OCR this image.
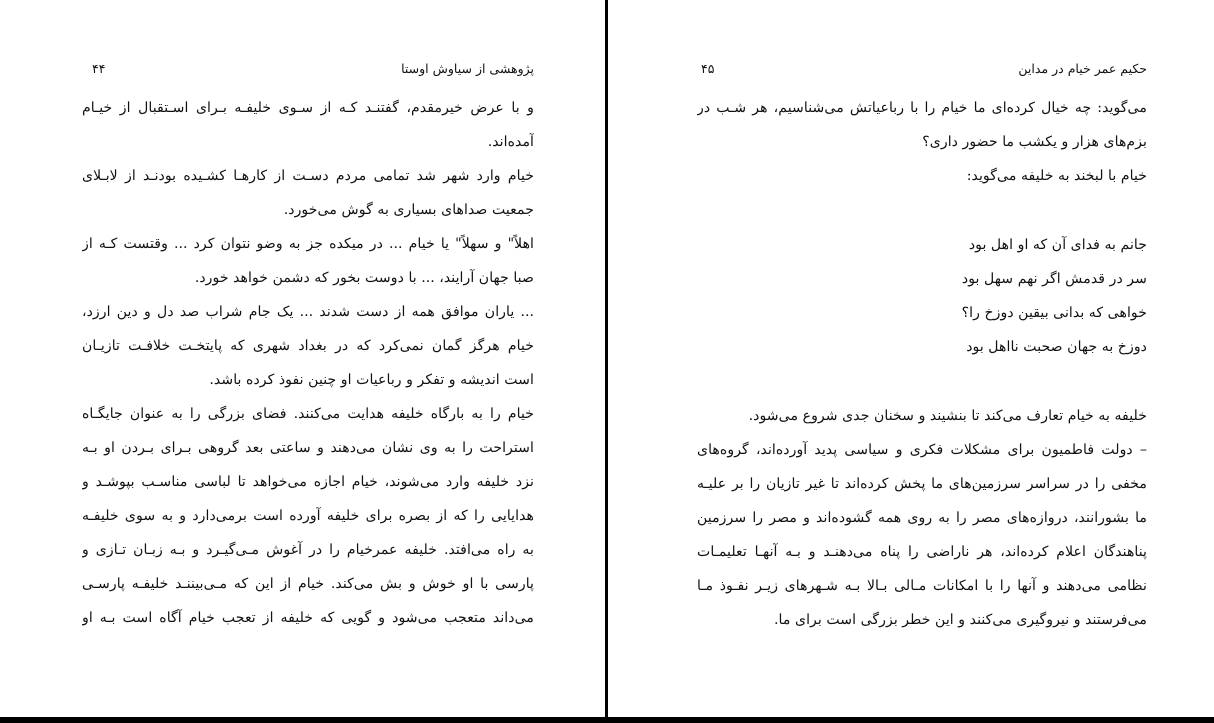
پژوهشی از سیاوش اوستا
۴۴
و با عرض خیرمقدم، گفتنـد کـه از سـوی خلیفـه بـرای اسـتقبال از خیـام
آمده‌اند.
خیام وارد شهر شد تمامی مردم دسـت از کارهـا کشـیده بودنـد از لابـلای
جمعیت صداهای بسیاری به گوش می‌خورد.
اهلاً" و سهلاً" یا خیام ... در میکده جز به وضو نتوان کرد ... وقتست کـه از
صبا جهان آرایند، ... با دوست بخور که دشمن خواهد خورد.
... یاران موافق همه از دست شدند ... یک جام شراب صد دل و دین ارزد،
خیام هرگز گمان نمی‌کرد که در بغداد شهری که پایتخـت خلافـت تازیـان
است اندیشه و تفکر و رباعیات او چنین نفوذ کرده باشد.
خیام را به بارگاه خلیفه هدایت می‌کنند. فضای بزرگی را به عنوان جایگـاه
استراحت را به وی نشان می‌دهند و ساعتی بعد گروهی بـرای بـردن او بـه
نزد خلیفه وارد می‌شوند، خیام اجازه می‌خواهد تا لباسی مناسـب بپوشـد و
هدایایی را که از بصره برای خلیفه آورده است برمی‌دارد و به سوی خلیفـه
به راه می‌افتد. خلیفه عمرخیام را در آغوش مـی‌گیـرد و بـه زبـان تـازی و
پارسی با او خوش و بش می‌کند. خیام از این که مـی‌بیننـد خلیفـه پارسـی
می‌داند متعجب می‌شود و گویی که خلیفه از تعجب خیام آگاه است بـه او
حکیم عمر خیام در مداین
۴۵
می‌گوید: چه خیال کرده‌ای ما خیام را با رباعیاتش می‌شناسیم، هر شـب در
بزم‌های هزار و یکشب ما حضور داری؟
خیام با لبخند به خلیفه می‌گوید:
جانم به فدای آن که او اهل بود
سر در قدمش اگر نهم سهل بود
خواهی که بدانی بیقین دوزخ را؟
دوزخ به جهان صحبت نااهل بود
خلیفه به خیام تعارف می‌کند تا بنشیند و سخنان جدی شروع می‌شود.
– دولت فاطمیون برای مشکلات فکری و سیاسی پدید آورده‌اند، گروه‌های
مخفی را در سراسر سرزمین‌های ما پخش کرده‌اند تا غیر تازیان را بر علیـه
ما بشورانند، دروازه‌های مصر را به روی همه گشوده‌اند و مصر را سرزمین
پناهندگان اعلام کرده‌اند، هر ناراضی را پناه می‌دهنـد و بـه آنهـا تعلیمـات
نظامی می‌دهند و آنها را با امکانات مـالی بـالا بـه شـهرهای زیـر نفـوذ مـا
می‌فرستند و نیروگیری می‌کنند و این خطر بزرگی است برای ما.
